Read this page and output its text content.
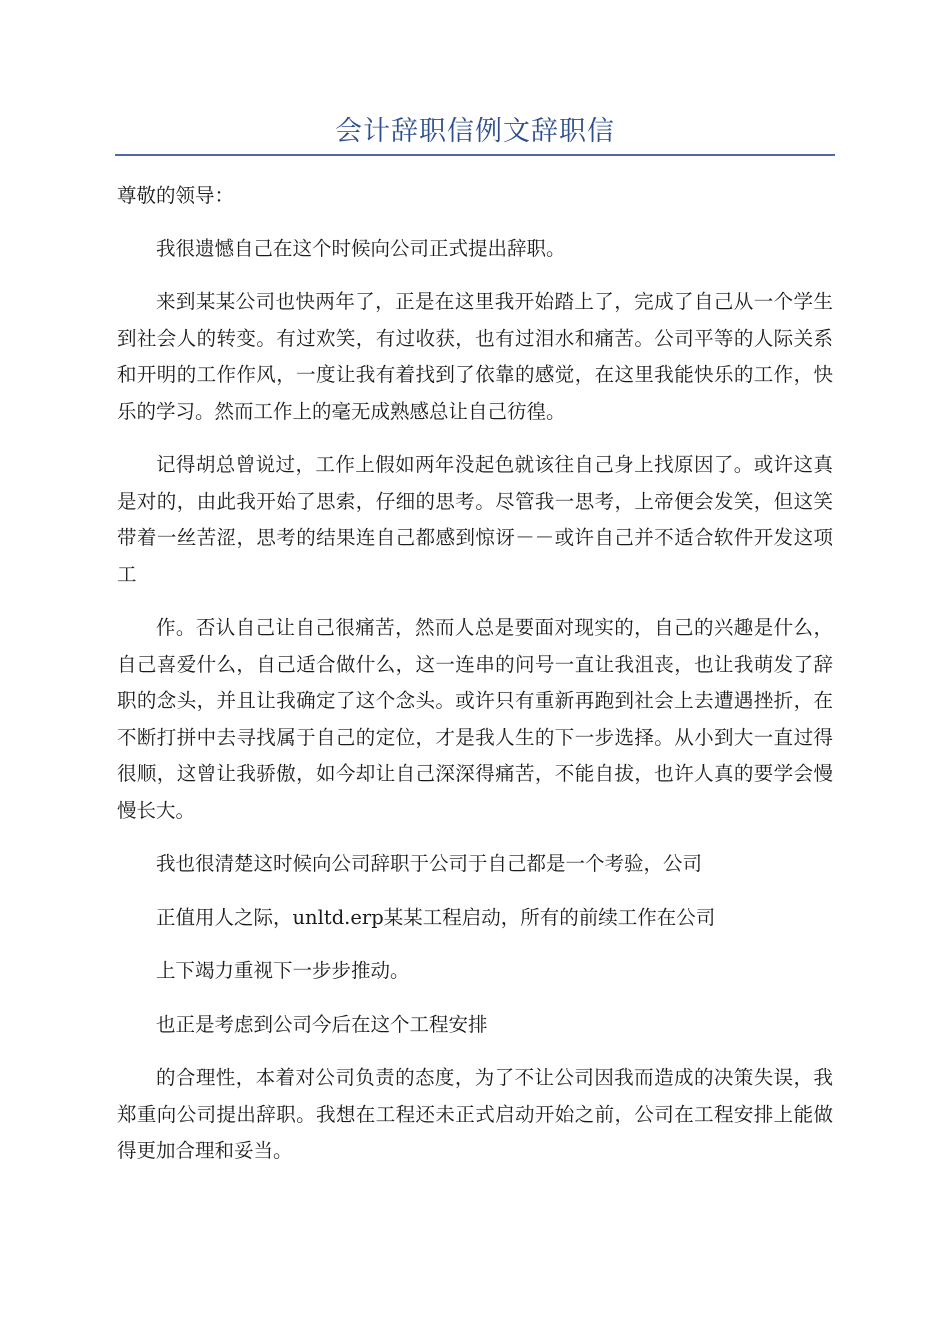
会计辞职信例文辞职信

尊敬的领导：

我很遗憾自己在这个时候向公司正式提出辞职。

来到某某公司也快两年了，正是在这里我开始踏上了，完成了自己从一个学生到社会人的转变。有过欢笑，有过收获，也有过泪水和痛苦。公司平等的人际关系和开明的工作作风，一度让我有着找到了依靠的感觉，在这里我能快乐的工作，快乐的学习。然而工作上的毫无成熟感总让自己彷徨。

记得胡总曾说过，工作上假如两年没起色就该往自己身上找原因了。或许这真是对的，由此我开始了思索，仔细的思考。尽管我一思考，上帝便会发笑，但这笑带着一丝苦涩，思考的结果连自己都感到惊讶－－或许自己并不适合软件开发这项工

作。否认自己让自己很痛苦，然而人总是要面对现实的，自己的兴趣是什么，自己喜爱什么，自己适合做什么，这一连串的问号一直让我沮丧，也让我萌发了辞职的念头，并且让我确定了这个念头。或许只有重新再跑到社会上去遭遇挫折，在不断打拼中去寻找属于自己的定位，才是我人生的下一步选择。从小到大一直过得很顺，这曾让我骄傲，如今却让自己深深得痛苦，不能自拔，也许人真的要学会慢慢长大。

我也很清楚这时候向公司辞职于公司于自己都是一个考验，公司

正值用人之际，unltd.erp某某工程启动，所有的前续工作在公司

上下竭力重视下一步步推动。

也正是考虑到公司今后在这个工程安排

的合理性，本着对公司负责的态度，为了不让公司因我而造成的决策失误，我郑重向公司提出辞职。我想在工程还未正式启动开始之前，公司在工程安排上能做得更加合理和妥当。
